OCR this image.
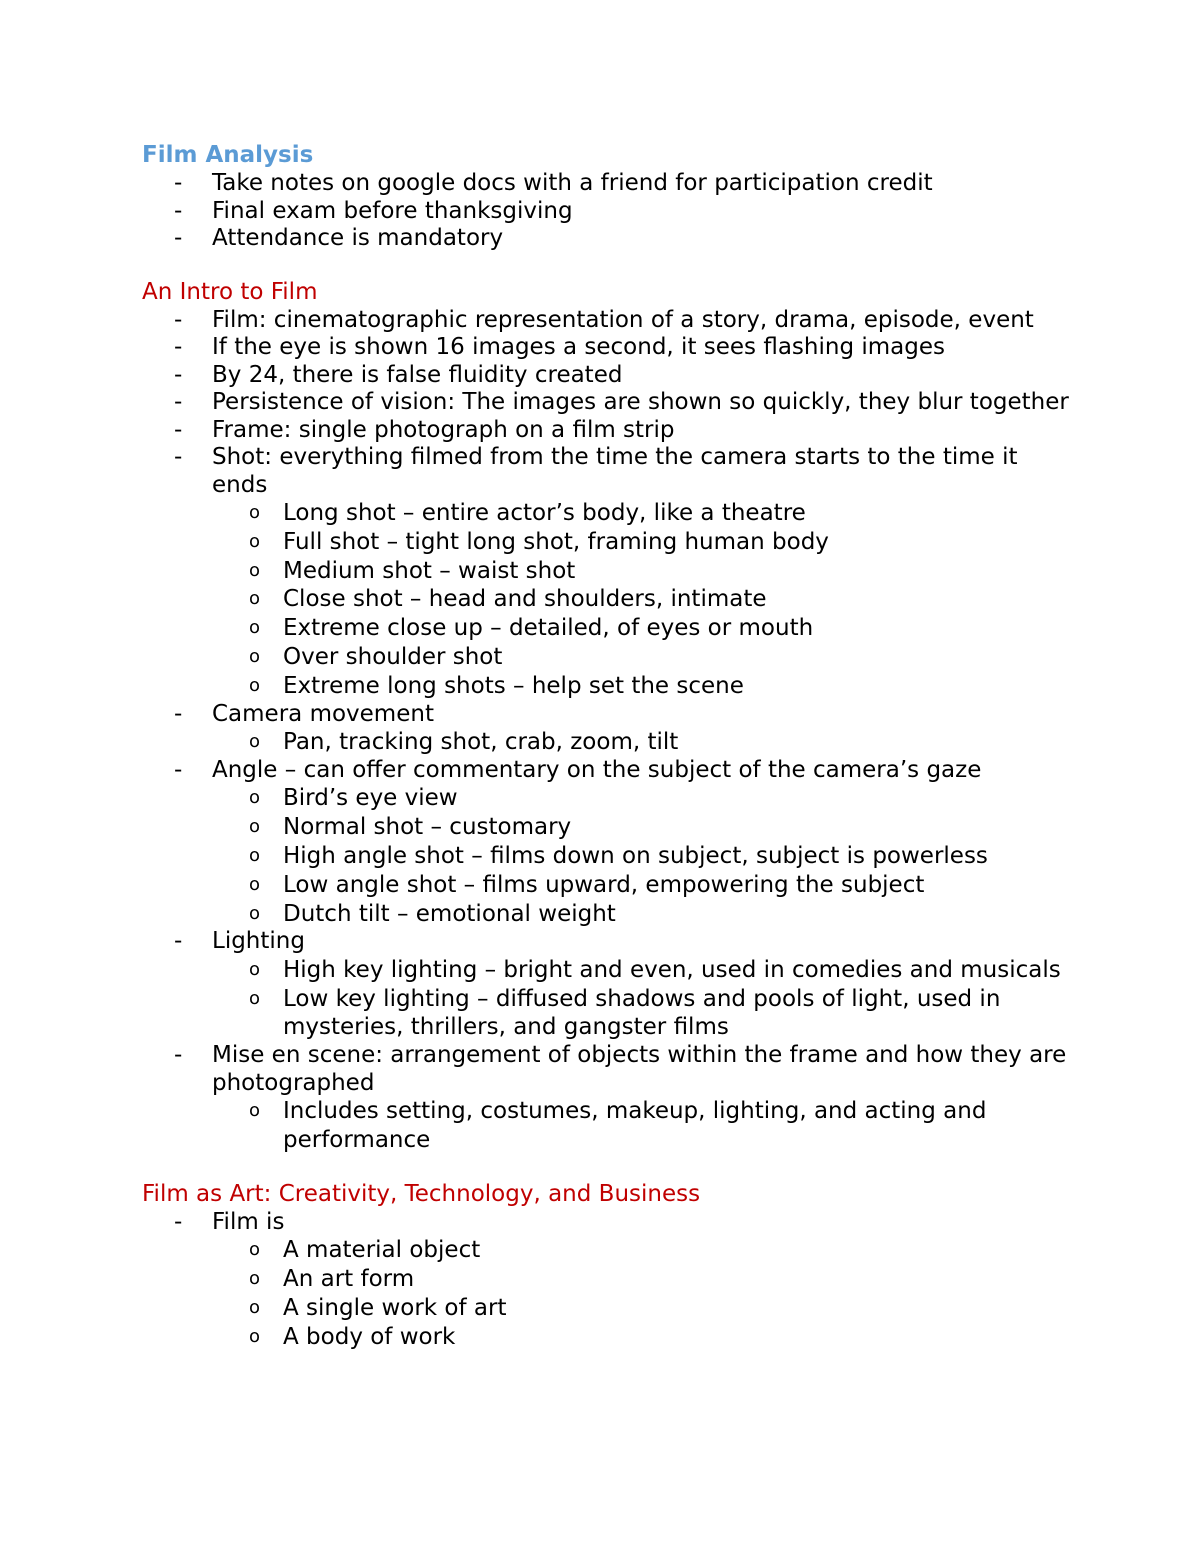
Film Analysis
-	Take notes on google docs with a friend for participation credit
-	Final exam before thanksgiving
-	Attendance is mandatory
An Intro to Film
-	Film: cinematographic representation of a story, drama, episode, event
-	If the eye is shown 16 images a second, it sees flashing images
-	By 24, there is false fluidity created
-	Persistence of vision: The images are shown so quickly, they blur together
-	Frame: single photograph on a film strip
-	Shot: everything filmed from the time the camera starts to the time it ends
o Long shot – entire actor’s body, like a theatre
o Full shot – tight long shot, framing human body
o Medium shot – waist shot
o Close shot – head and shoulders, intimate
o Extreme close up – detailed, of eyes or mouth
o Over shoulder shot
o Extreme long shots – help set the scene
-	Camera movement
o Pan, tracking shot, crab, zoom, tilt
-	Angle – can offer commentary on the subject of the camera’s gaze
o Bird’s eye view
o Normal shot – customary
o High angle shot – films down on subject, subject is powerless
o Low angle shot – films upward, empowering the subject
o Dutch tilt – emotional weight
-	Lighting
o High key lighting – bright and even, used in comedies and musicals
o Low key lighting – diffused shadows and pools of light, used in mysteries, thrillers, and gangster films
-	Mise en scene: arrangement of objects within the frame and how they are photographed
o Includes setting, costumes, makeup, lighting, and acting and performance
Film as Art: Creativity, Technology, and Business
-	Film is
o A material object
o An art form
o A single work of art
o A body of work
